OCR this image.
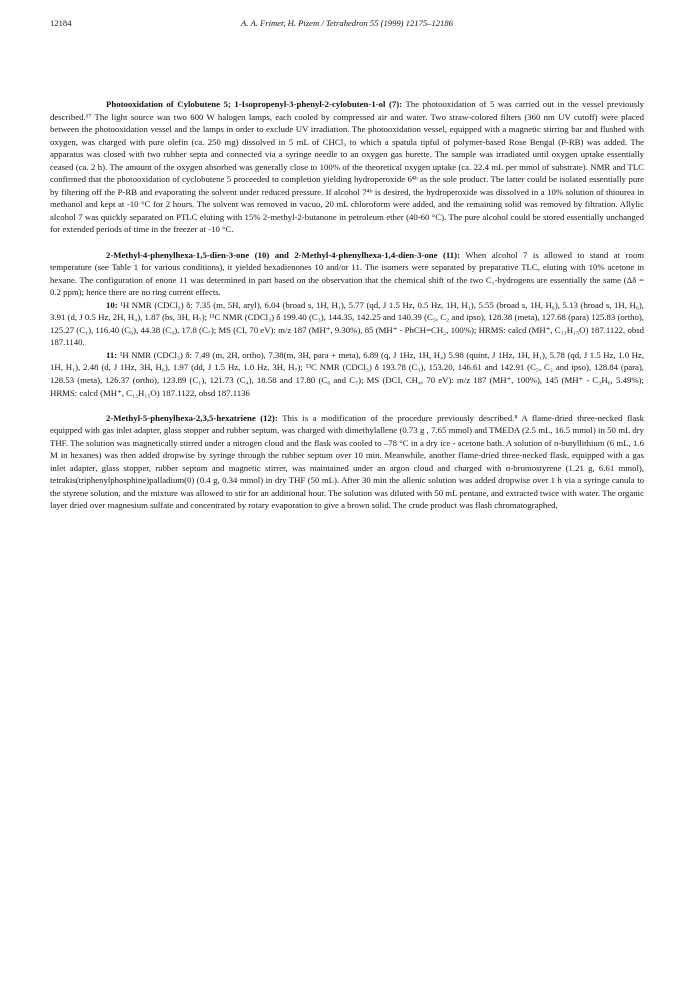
12184	A. A. Frimer, H. Pizem / Tetrahedron 55 (1999) 12175–12186

Photooxidation of Cylobutene 5; 1-Isopropenyl-3-phenyl-2-cylobuten-1-ol (7): The photooxidation of 5 was carried out in the vessel previously described.¹⁷ The light source was two 600 W halogen lamps, each cooled by compressed air and water. Two straw-colored filters (360 nm UV cutoff) were placed between the photooxidation vessel and the lamps in order to exclude UV irradiation. The photooxidation vessel, equipped with a magnetic stirring bar and flushed with oxygen, was charged with pure olefin (ca. 250 mg) dissolved in 5 mL of CHCl₃ to which a spatula tipful of polymer-based Rose Bengal (P-RB) was added. The apparatus was closed with two rubber septa and connected via a syringe needle to an oxygen gas burette. The sample was irradiated until oxygen uptake essentially ceased (ca. 2 h). The amount of the oxygen absorbed was generally close to 100% of the theoretical oxygen uptake (ca. 22.4 mL per mmol of substrate). NMR and TLC confirmed that the photooxidation of cyclobutene 5 proceeded to completion yielding hydroperoxide 6⁴ᵇ as the sole product. The latter could be isolated essentially pure by filtering off the P-RB and evaporating the solvent under reduced pressure. If alcohol 7⁴ᵇ is desired, the hydroperoxide was dissolved in a 10% solution of thiourea in methanol and kept at -10 °C for 2 hours. The solvent was removed in vacuo, 20 mL chloroform were added, and the remaining solid was removed by filtration. Allylic alcohol 7 was quickly separated on PTLC eluting with 15% 2-methyl-2-butanone in petroleum ether (40-60 °C). The pure alcohol could be stored essentially unchanged for extended periods of time in the freezer at -10 °C.

2-Methyl-4-phenylhexa-1,5-dien-3-one (10) and 2-Methyl-4-phenylhexa-1,4-dien-3-one (11): When alcohol 7 is allowed to stand at room temperature (see Table 1 for various conditions), it yielded hexadienones 10 and/or 11. The isomers were separated by preparative TLC, eluting with 10% acetone in hexane. The configuration of enone 11 was determined in part based on the observation that the chemical shift of the two C₁-hydrogens are essentially the same (Δδ = 0.2 ppm); hence there are no ring current effects.

10: ¹H NMR (CDCl₃) δ: 7.35 (m, 5H, aryl), 6.04 (broad s, 1H, H₁), 5.77 (qd, J 1.5 Hz, 0.5 Hz, 1H, H₁), 5.55 (broad s, 1H, H₆), 5.13 (broad s, 1H, H₆), 3.91 (d, J 0.5 Hz, 2H, H₄), 1.87 (bs, 3H, H₇); ¹³C NMR (CDCl₃) δ 199.40 (C₃), 144.35, 142.25 and 140.39 (C₅, C₂ and ipso), 128.38 (meta), 127.68 (para) 125.83 (ortho), 125.27 (C₁), 116.40 (C₆), 44.38 (C₄), 17.8 (C₇); MS (CI, 70 eV): m/z 187 (MH⁺, 9.30%), 85 (MH⁺ - PhCH=CH₂, 100%); HRMS: calcd (MH⁺, C₁₃H₁₅O) 187.1122, obsd 187.1140.

11: ¹H NMR (CDCl₃) δ: 7.49 (m, 2H, ortho), 7.38(m, 3H, para + meta), 6.89 (q, J 1Hz, 1H, H₄) 5.98 (quint, J 1Hz, 1H, H₁), 5.78 (qd, J 1.5 Hz, 1.0 Hz, 1H, H₁), 2.48 (d, J 1Hz, 3H, H₆), 1.97 (dd, J 1.5 Hz, 1.0 Hz, 3H, H₇); ¹³C NMR (CDCl₃) δ 193.78 (C₃), 153.20, 146.61 and 142.91 (C₅, C₂ and ipso), 128.84 (para), 128.53 (meta), 126.37 (ortho), 123.89 (C₁), 121.73 (C₄), 18.58 and 17.80 (C₆ and C₇); MS (DCI, CH₄, 70 eV): m/z 187 (MH⁺, 100%), 145 (MH⁺ - C₃H₆, 5.49%); HRMS: calcd (MH⁺, C₁₃H₁₅O) 187.1122, obsd 187.1136

2-Methyl-5-phenylhexa-2,3,5-hexatriene (12): This is a modification of the procedure previously described.⁸ A flame-dried three-necked flask equipped with gas inlet adapter, glass stopper and rubber septum, was charged with dimethylallene (0.73 g , 7.65 mmol) and TMEDA (2.5 mL, 16.5 mmol) in 50 mL dry THF. The solution was magnetically stirred under a nitrogen cloud and the flask was cooled to –78 °C in a dry ice - acetone bath. A solution of n-butyllithium (6 mL, 1.6 M in hexanes) was then added dropwise by syringe through the rubber septum over 10 min. Meanwhile, another flame-dried three-necked flask, equipped with a gas inlet adapter, glass stopper, rubber septum and magnetic stirrer, was maintained under an argon cloud and charged with α-bromostyrene (1.21 g, 6.61 mmol), tetrakis(triphenylphosphine)palladium(0) (0.4 g, 0.34 mmol) in dry THF (50 mL). After 30 min the allenic solution was added dropwise over 1 h via a syringe canula to the styrene solution, and the mixture was allowed to stir for an additional hour. The solution was diluted with 50 mL pentane, and extracted twice with water. The organic layer dried over magnesium sulfate and concentrated by rotary evaporation to give a brown solid. The crude product was flash chromatographed,
